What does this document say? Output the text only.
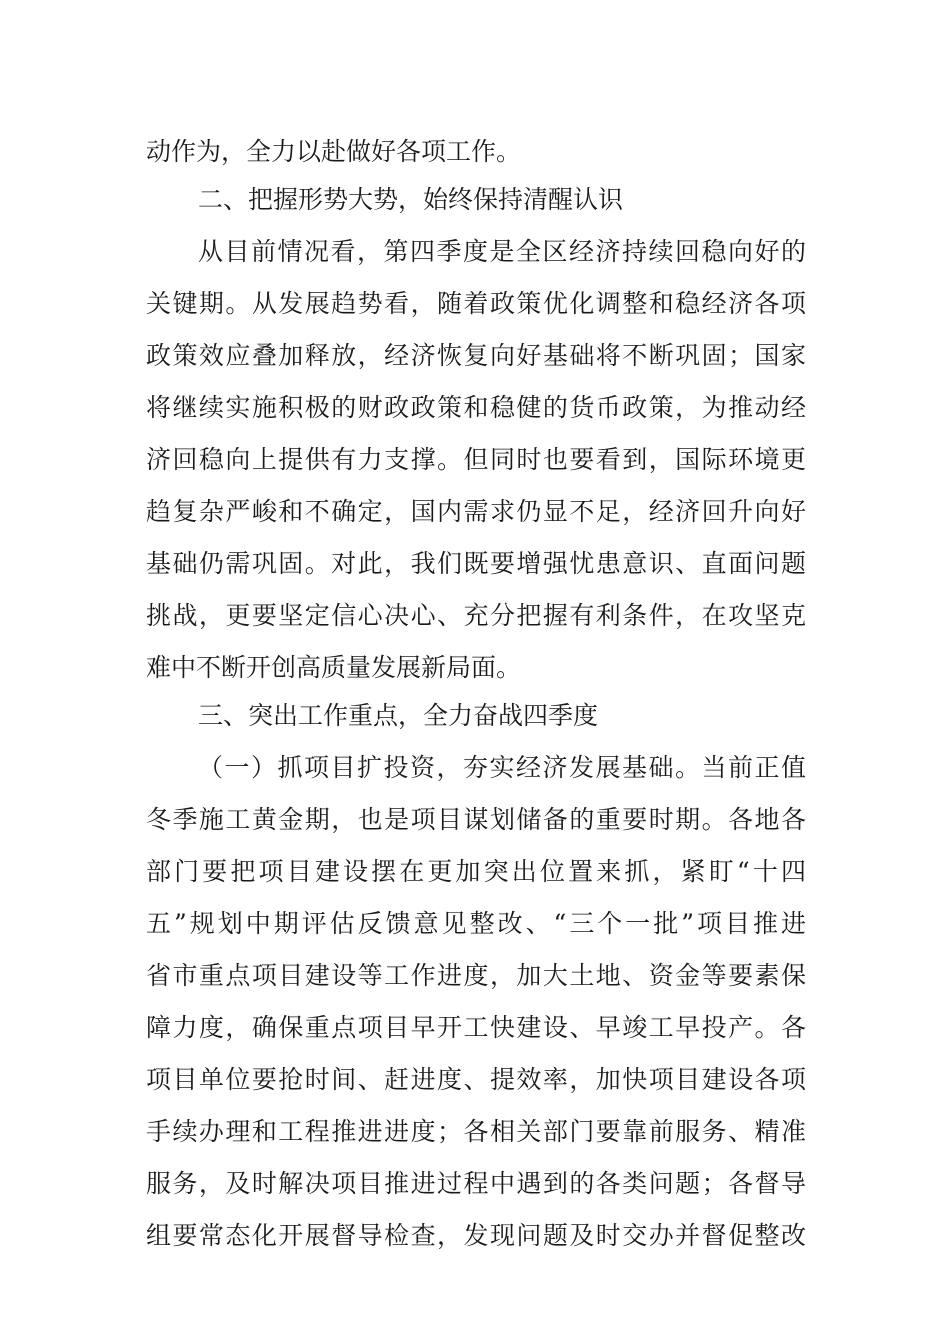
动作为，全力以赴做好各项工作。
二、把握形势大势，始终保持清醒认识
从目前情况看，第四季度是全区经济持续回稳向好的
关键期。从发展趋势看，随着政策优化调整和稳经济各项
政策效应叠加释放，经济恢复向好基础将不断巩固；国家
将继续实施积极的财政政策和稳健的货币政策，为推动经
济回稳向上提供有力支撑。但同时也要看到，国际环境更
趋复杂严峻和不确定，国内需求仍显不足，经济回升向好
基础仍需巩固。对此，我们既要增强忧患意识、直面问题
挑战，更要坚定信心决心、充分把握有利条件，在攻坚克
难中不断开创高质量发展新局面。
三、突出工作重点，全力奋战四季度
（一）抓项目扩投资，夯实经济发展基础。当前正值
冬季施工黄金期，也是项目谋划储备的重要时期。各地各
部门要把项目建设摆在更加突出位置来抓，紧盯“十四
五”规划中期评估反馈意见整改、“三个一批”项目推进
省市重点项目建设等工作进度，加大土地、资金等要素保
障力度，确保重点项目早开工快建设、早竣工早投产。各
项目单位要抢时间、赶进度、提效率，加快项目建设各项
手续办理和工程推进进度；各相关部门要靠前服务、精准
服务，及时解决项目推进过程中遇到的各类问题；各督导
组要常态化开展督导检查，发现问题及时交办并督促整改
